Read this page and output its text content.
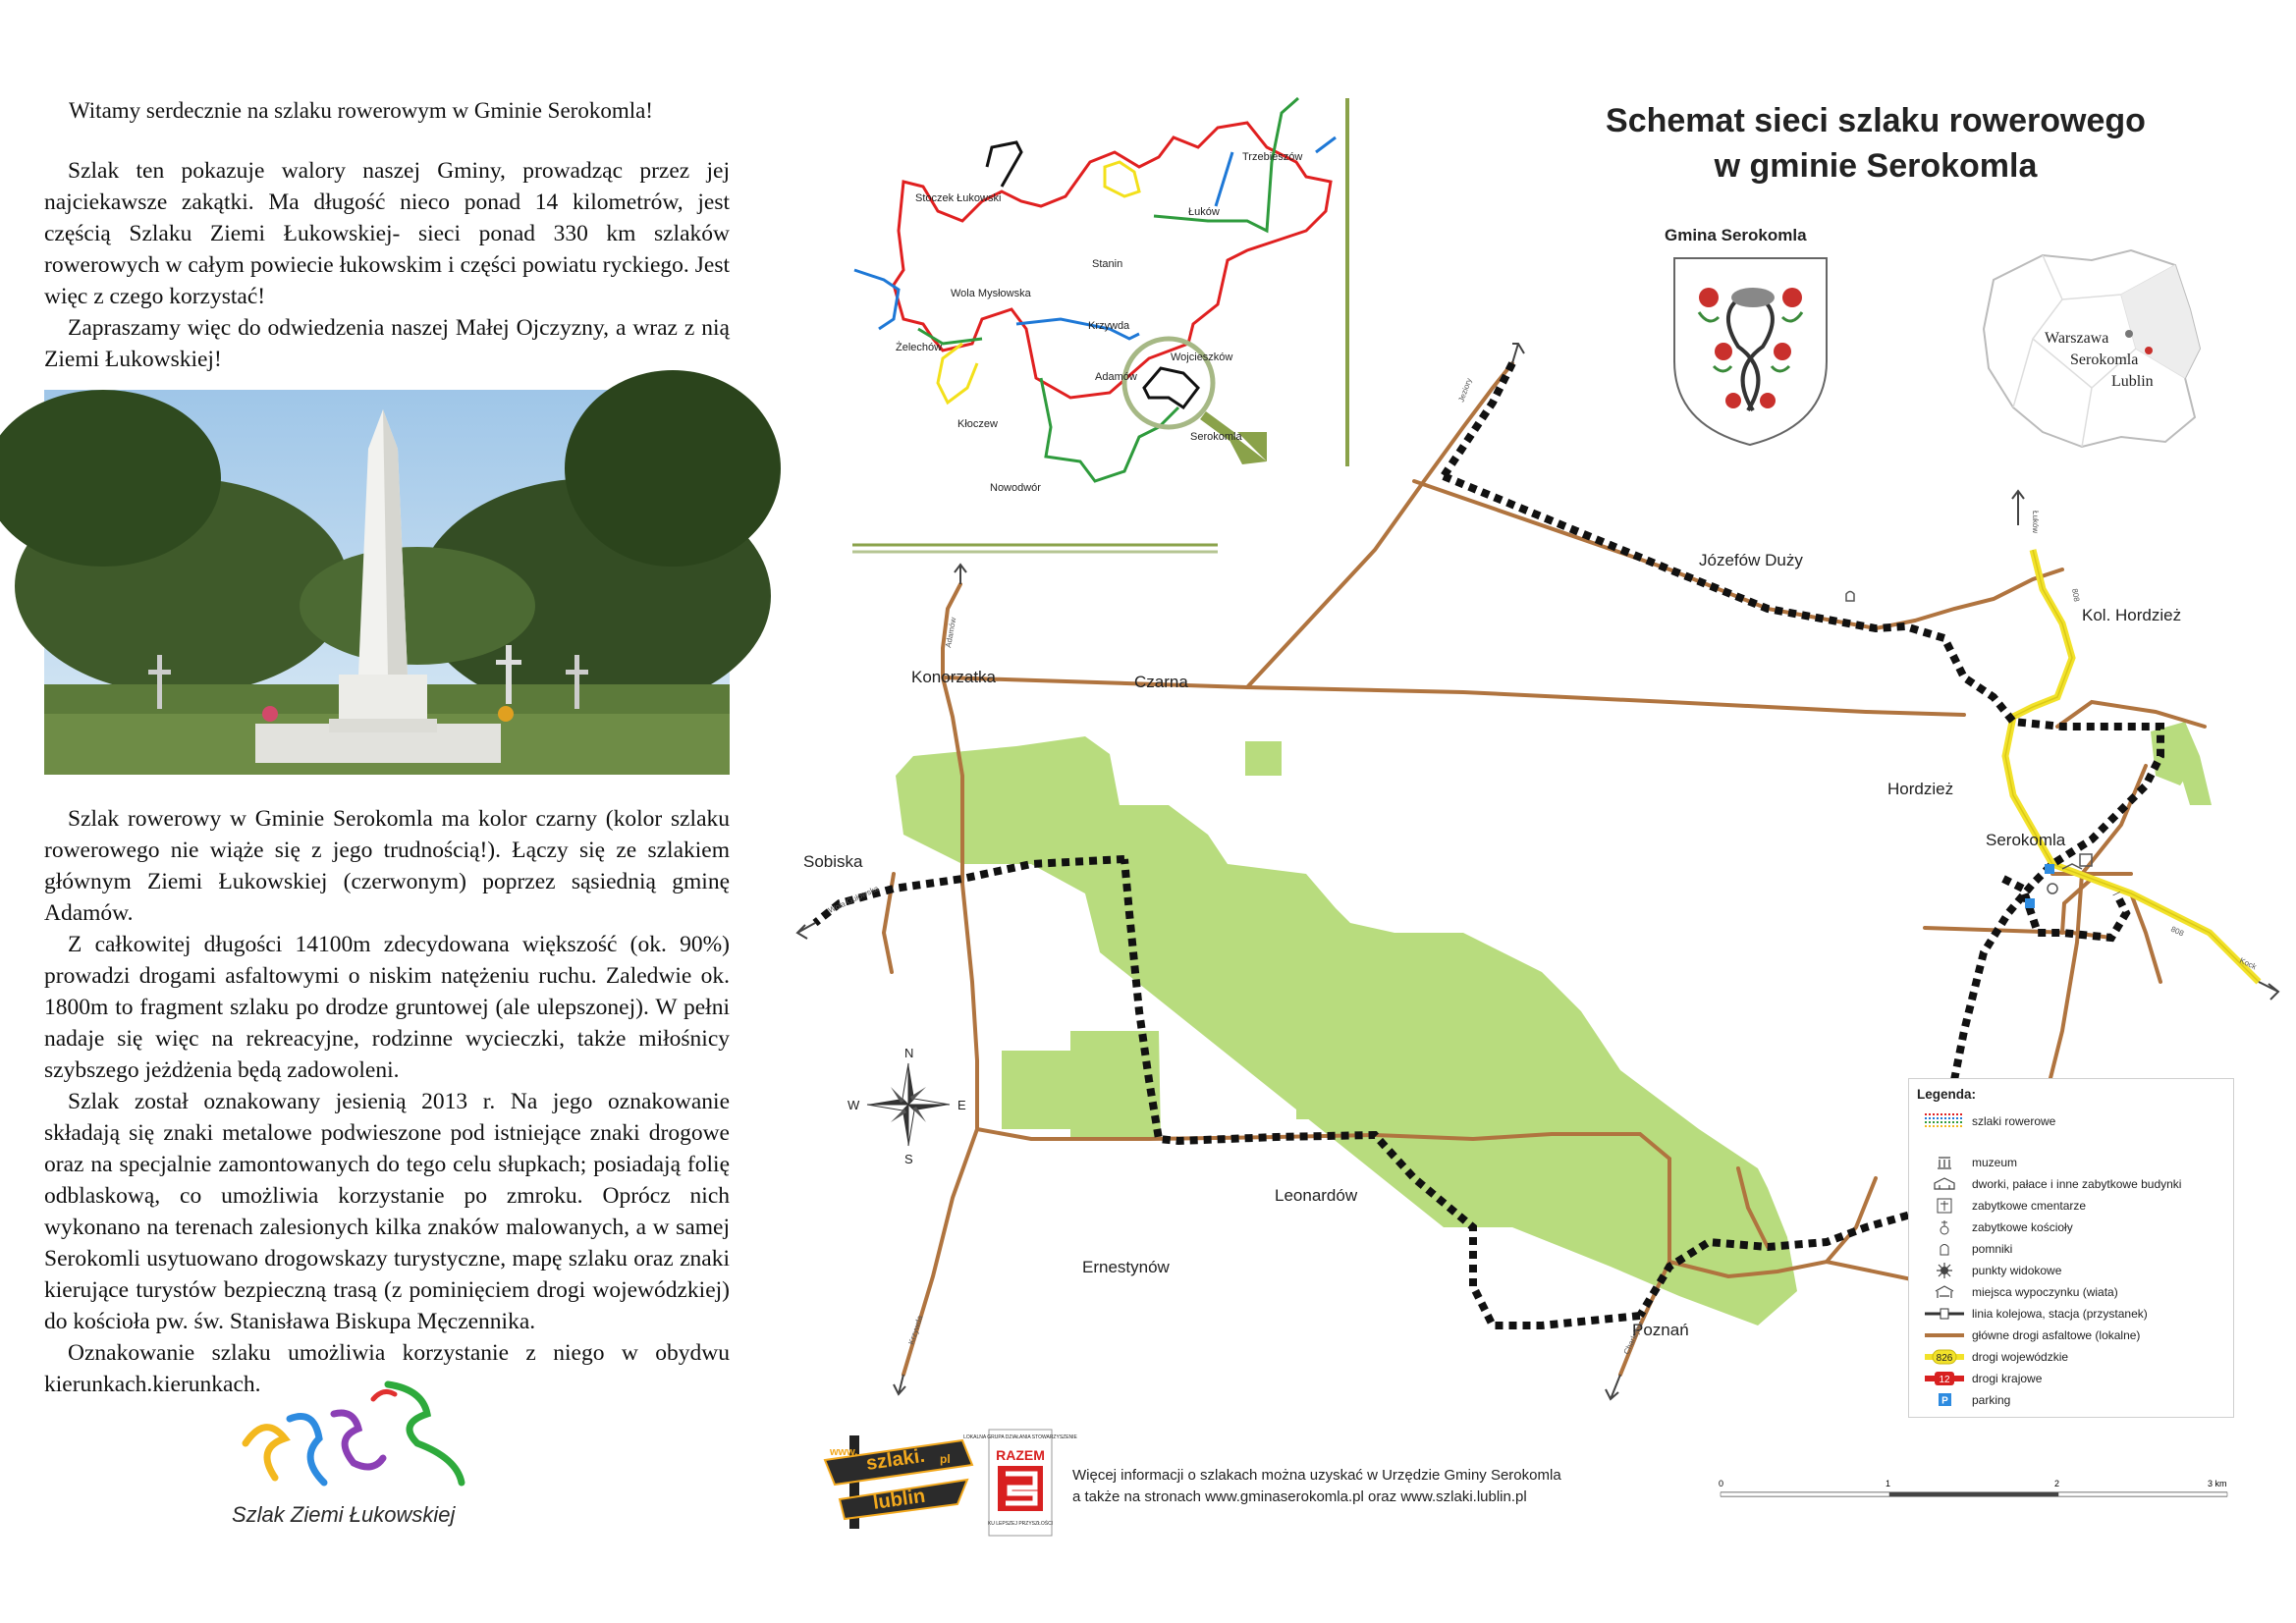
Witamy serdecznie na szlaku rowerowym w Gminie Serokomla!

Szlak ten pokazuje walory naszej Gminy, prowadząc przez jej najciekawsze zakątki. Ma długość nieco ponad 14 kilometrów, jest częścią Szlaku Ziemi Łukowskiej- sieci ponad 330 km szlaków rowerowych w całym powiecie łukowskim i części powiatu ryckiego. Jest więc z czego korzystać!

Zapraszamy więc do odwiedzenia naszej Małej Ojczyzny, a wraz z nią Ziemi Łukowskiej!

Szlak rowerowy w Gminie Serokomla ma kolor czarny (kolor szlaku rowerowego nie wiąże się z jego trudnością!). Łączy się ze szlakiem głównym Ziemi Łukowskiej (czerwonym) poprzez sąsiednią gminę Adamów.

Z całkowitej długości 14100m zdecydowana większość (ok. 90%) prowadzi drogami asfaltowymi o niskim natężeniu ruchu. Zaledwie ok. 1800m to fragment szlaku po drodze gruntowej (ale ulepszonej). W pełni nadaje się więc na rekreacyjne, rodzinne wycieczki, także miłośnicy szybszego jeżdżenia będą zadowoleni.

Szlak został oznakowany jesienią 2013 r. Na jego oznakowanie składają się znaki metalowe podwieszone pod istniejące znaki drogowe oraz na specjalnie zamontowanych do tego celu słupkach; posiadają folię odblaskową, co umożliwia korzystanie po zmroku. Oprócz nich wykonano na terenach zalesionych kilka znaków malowanych, a w samej Serokomli usytuowano drogowskazy turystyczne, mapę szlaku oraz znaki kierujące turystów bezpieczną trasą (z pominięciem drogi wojewódzkiej) do kościoła pw. św. Stanisława Biskupa Męczennika.

Oznakowanie szlaku umożliwia korzystanie z niego w obydwu kierunkach.kierunkach.

Szlak Ziemi Łukowskiej
Trzebieszów
Stoczek Łukowski
Łuków
Stanin
Wola Mysłowska
Krzywda
Wojcieszków
Żelechów
Adamów
Serokomla
Kłoczew
Nowodwór
Schemat sieci szlaku rowerowego
w gminie Serokomla
Gmina Serokomla
Warszawa
Serokomla
Lublin
Józefów Duży
Kol. Hordzież
Konorzatka	Czarna
Hordzież
Serokomla
Sobiska
Leonardów
Ernestynów
Poznań
Jeziory
Łuków
Adamów
Wola Gułowska
Kock
Krzywda	Charlejów
808
808
N
E
S
W
Legenda:
szlaki rowerowe
muzeum
dworki, pałace i inne zabytkowe budynki
zabytkowe cmentarze
zabytkowe kościoły
pomniki
punkty widokowe
miejsca wypoczynku (wiata)
linia kolejowa, stacja (przystanek)
główne drogi asfaltowe (lokalne)
826 drogi wojewódzkie
12 drogi krajowe
P parking
www. szlaki. pl
lublin
LOKALNA GRUPA DZIAŁANIA STOWARZYSZENIE
RAZEM
KU LEPSZEJ PRZYSZŁOŚCI
Więcej informacji o szlakach można uzyskać w Urzędzie Gminy Serokomla
a także na stronach www.gminaserokomla.pl oraz www.szlaki.lublin.pl
0	1	2	3 km
